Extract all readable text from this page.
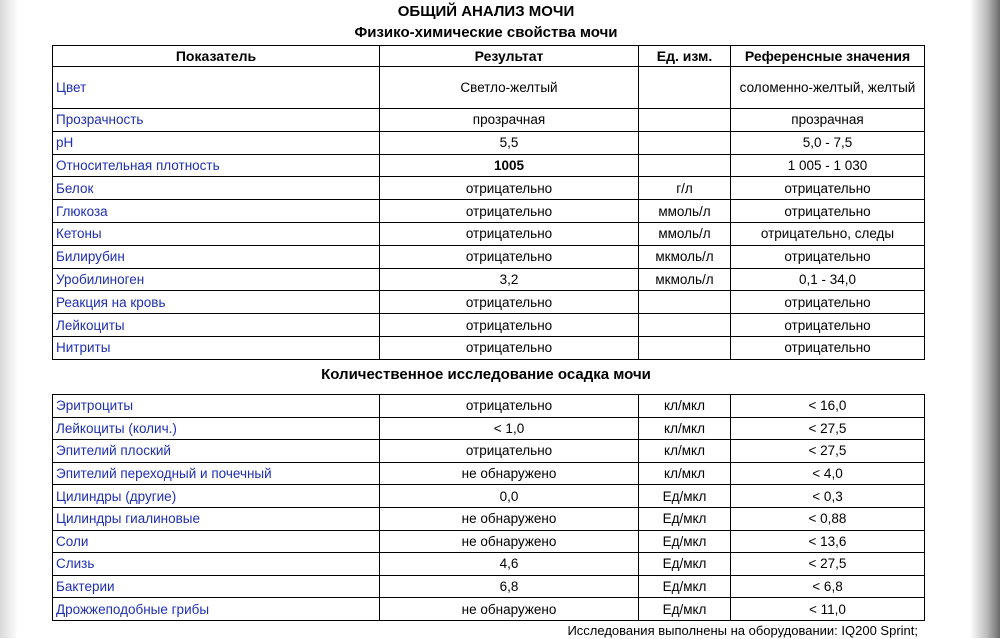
ОБЩИЙ АНАЛИЗ МОЧИ
Физико-химические свойства мочи
Показатель	Результат	Ед. изм.	Референсные значения
Цвет	Светло-желтый		соломенно-желтый, желтый
Прозрачность	прозрачная		прозрачная
pH	5,5		5,0 - 7,5
Относительная плотность	1005		1 005 - 1 030
Белок	отрицательно	г/л	отрицательно
Глюкоза	отрицательно	ммоль/л	отрицательно
Кетоны	отрицательно	ммоль/л	отрицательно, следы
Билирубин	отрицательно	мкмоль/л	отрицательно
Уробилиноген	3,2	мкмоль/л	0,1 - 34,0
Реакция на кровь	отрицательно		отрицательно
Лейкоциты	отрицательно		отрицательно
Нитриты	отрицательно		отрицательно
Количественное исследование осадка мочи
Эритроциты	отрицательно	кл/мкл	< 16,0
Лейкоциты (колич.)	< 1,0	кл/мкл	< 27,5
Эпителий плоский	отрицательно	кл/мкл	< 27,5
Эпителий переходный и почечный	не обнаружено	кл/мкл	< 4,0
Цилиндры (другие)	0,0	Ед/мкл	< 0,3
Цилиндры гиалиновые	не обнаружено	Ед/мкл	< 0,88
Соли	не обнаружено	Ед/мкл	< 13,6
Слизь	4,6	Ед/мкл	< 27,5
Бактерии	6,8	Ед/мкл	< 6,8
Дрожжеподобные грибы	не обнаружено	Ед/мкл	< 11,0
Исследования выполнены на оборудовании: IQ200 Sprint;
